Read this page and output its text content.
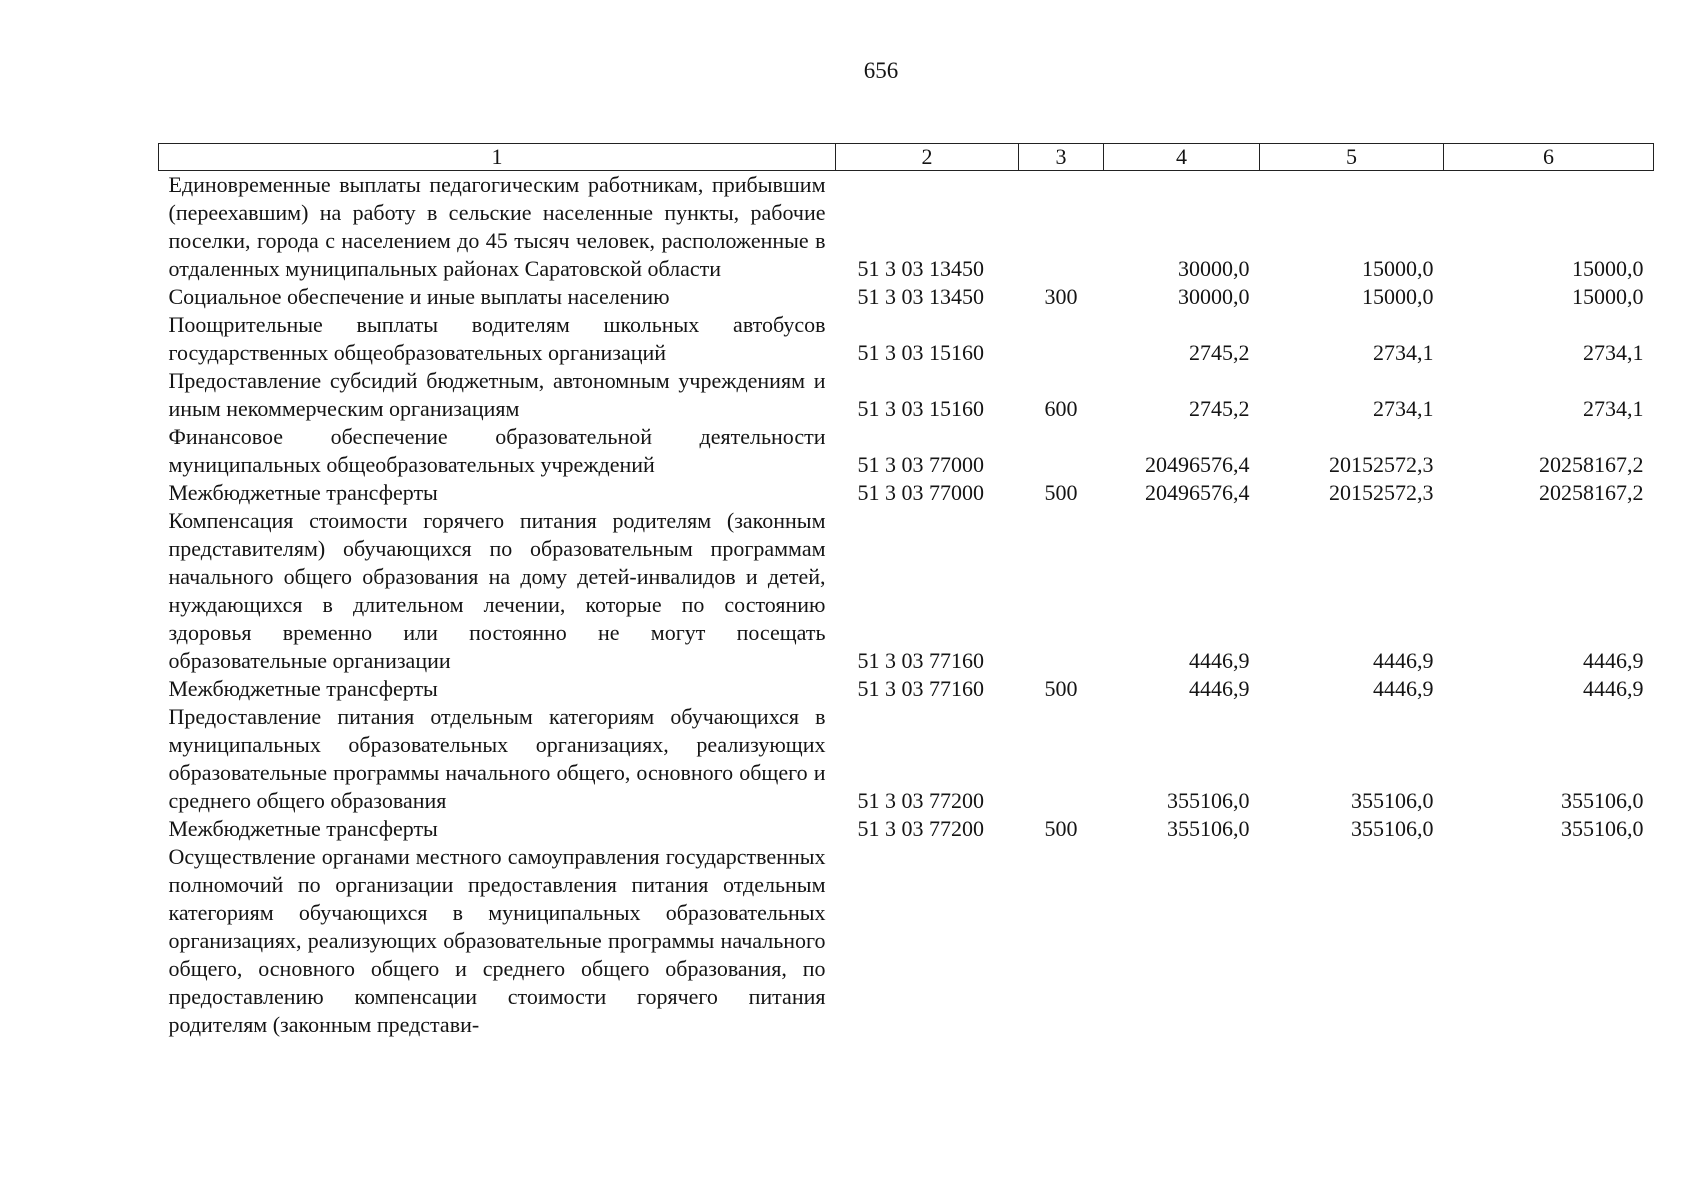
656
1	2	3	4	5	6
Единовременные выплаты педагогическим работникам, прибывшим (переехавшим) на работу в сельские населенные пункты, рабочие поселки, города с населением до 45 тысяч человек, расположенные в отдаленных муниципальных районах Саратовской области	51 3 03 13450		30000,0	15000,0	15000,0
Социальное обеспечение и иные выплаты населению	51 3 03 13450	300	30000,0	15000,0	15000,0
Поощрительные выплаты водителям школьных автобусов государственных общеобразовательных организаций	51 3 03 15160		2745,2	2734,1	2734,1
Предоставление субсидий бюджетным, автономным учреждениям и иным некоммерческим организациям	51 3 03 15160	600	2745,2	2734,1	2734,1
Финансовое обеспечение образовательной деятельности муниципальных общеобразовательных учреждений	51 3 03 77000		20496576,4	20152572,3	20258167,2
Межбюджетные трансферты	51 3 03 77000	500	20496576,4	20152572,3	20258167,2
Компенсация стоимости горячего питания родителям (законным представителям) обучающихся по образовательным программам начального общего образования на дому детей-инвалидов и детей, нуждающихся в длительном лечении, которые по состоянию здоровья временно или постоянно не могут посещать образовательные организации	51 3 03 77160		4446,9	4446,9	4446,9
Межбюджетные трансферты	51 3 03 77160	500	4446,9	4446,9	4446,9
Предоставление питания отдельным категориям обучающихся в муниципальных образовательных организациях, реализующих образовательные программы начального общего, основного общего и среднего общего образования	51 3 03 77200		355106,0	355106,0	355106,0
Межбюджетные трансферты	51 3 03 77200	500	355106,0	355106,0	355106,0
Осуществление органами местного самоуправления государственных полномочий по организации предоставления питания отдельным категориям обучающихся в муниципальных образовательных организациях, реализующих образовательные программы начального общего, основного общего и среднего общего образования, по предоставлению компенсации стоимости горячего питания родителям (законным представи-					
